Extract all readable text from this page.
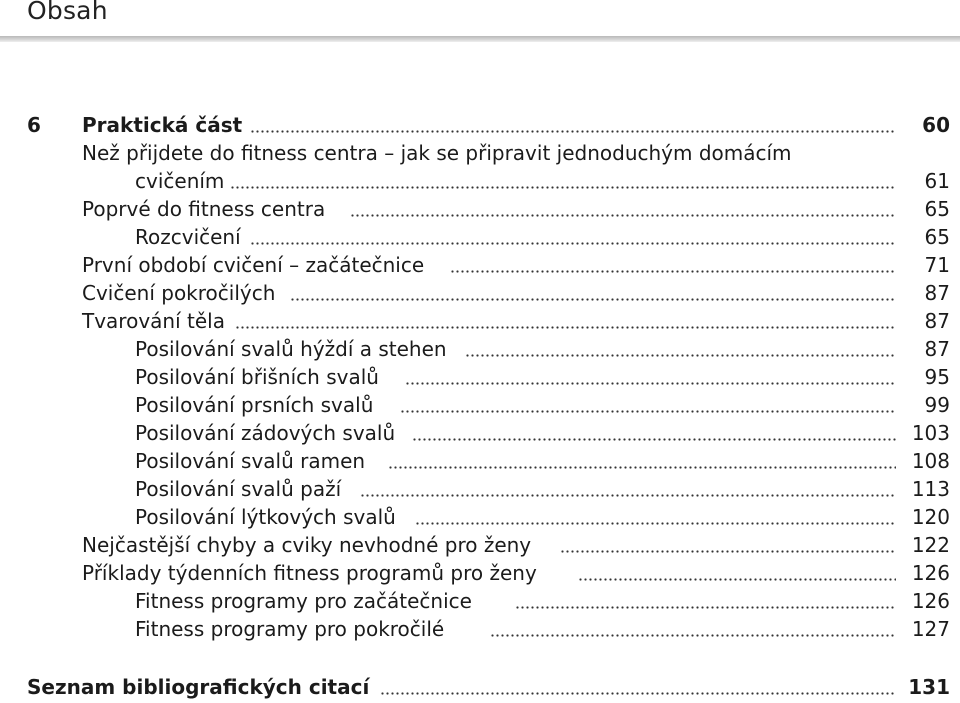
Obsah
6 Praktická část	60
Než přijdete do fitness centra – jak se připravit jednoduchým domácím
cvičením	61
Poprvé do fitness centra	65
Rozcvičení	65
První období cvičení – začátečnice	71
Cvičení pokročilých	87
Tvarování těla	87
Posilování svalů hýždí a stehen	87
Posilování břišních svalů	95
Posilování prsních svalů	99
Posilování zádových svalů	103
Posilování svalů ramen	108
Posilování svalů paží	113
Posilování lýtkových svalů	120
Nejčastější chyby a cviky nevhodné pro ženy	122
Příklady týdenních fitness programů pro ženy	126
Fitness programy pro začátečnice	126
Fitness programy pro pokročilé	127
Seznam bibliografických citací	131
